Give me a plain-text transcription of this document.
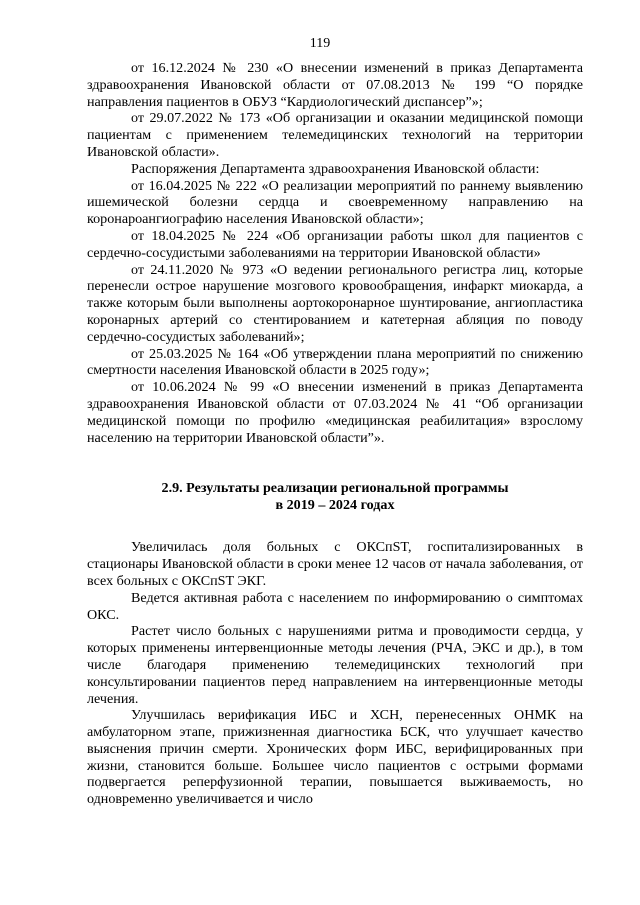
119

от 16.12.2024 № 230 «О внесении изменений в приказ Департамента здравоохранения Ивановской области от 07.08.2013 № 199 “О порядке направления пациентов в ОБУЗ “Кардиологический диспансер”»;

от 29.07.2022 № 173 «Об организации и оказании медицинской помощи пациентам с применением телемедицинских технологий на территории Ивановской области».

Распоряжения Департамента здравоохранения Ивановской области:

от 16.04.2025 № 222 «О реализации мероприятий по раннему выявлению ишемической болезни сердца и своевременному направлению на коронароангиографию населения Ивановской области»;

от 18.04.2025 № 224 «Об организации работы школ для пациентов с сердечно-сосудистыми заболеваниями на территории Ивановской области»

от 24.11.2020 № 973 «О ведении регионального регистра лиц, которые перенесли острое нарушение мозгового кровообращения, инфаркт миокарда, а также которым были выполнены аортокоронарное шунтирование, ангиопластика коронарных артерий со стентированием и катетерная абляция по поводу сердечно-сосудистых заболеваний»;

от 25.03.2025 № 164 «Об утверждении плана мероприятий по снижению смертности населения Ивановской области в 2025 году»;

от 10.06.2024 № 99 «О внесении изменений в приказ Департамента здравоохранения Ивановской области от 07.03.2024 № 41 “Об организации медицинской помощи по профилю «медицинская реабилитация» взрослому населению на территории Ивановской области”».

2.9. Результаты реализации региональной программы
в 2019 – 2024 годах

Увеличилась доля больных с ОКСпST, госпитализированных в стационары Ивановской области в сроки менее 12 часов от начала заболевания, от всех больных с ОКСпST ЭКГ.

Ведется активная работа с населением по информированию о симптомах ОКС.

Растет число больных с нарушениями ритма и проводимости сердца, у которых применены интервенционные методы лечения (РЧА, ЭКС и др.), в том числе благодаря применению телемедицинских технологий при консультировании пациентов перед направлением на интервенционные методы лечения.

Улучшилась верификация ИБС и ХСН, перенесенных ОНМК на амбулаторном этапе, прижизненная диагностика БСК, что улучшает качество выяснения причин смерти. Хронических форм ИБС, верифицированных при жизни, становится больше. Большее число пациентов с острыми формами подвергается реперфузионной терапии, повышается выживаемость, но одновременно увеличивается и число
